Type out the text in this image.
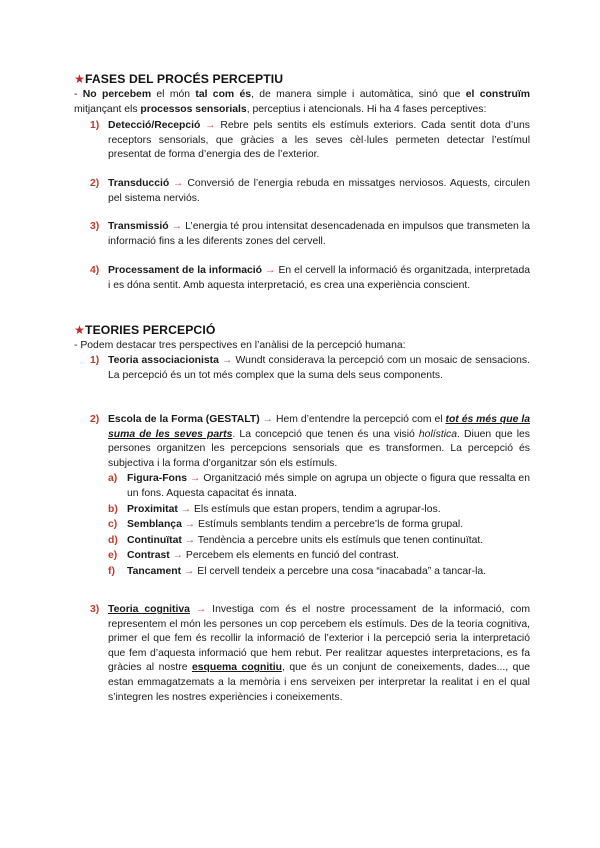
★FASES DEL PROCÉS PERCEPTIU
- No percebem el món tal com és, de manera simple i automàtica, sinó que el construïm mitjançant els processos sensorials, perceptius i atencionals. Hi ha 4 fases perceptives:
1) Detecció/Recepció → Rebre pels sentits els estímuls exteriors. Cada sentit dota d’uns receptors sensorials, que gràcies a les seves cèl·lules permeten detectar l’estímul presentat de forma d’energia des de l’exterior.
2) Transducció → Conversió de l’energia rebuda en missatges nerviosos. Aquests, circulen pel sistema nerviós.
3) Transmissió → L’energia té prou intensitat desencadenada en impulsos que transmeten la informació fins a les diferents zones del cervell.
4) Processament de la informació → En el cervell la informació és organitzada, interpretada i es dóna sentit. Amb aquesta interpretació, es crea una experiència conscient.
★TEORIES PERCEPCIÓ
- Podem destacar tres perspectives en l’anàlisi de la percepció humana:
1) Teoria associacionista → Wundt considerava la percepció com un mosaic de sensacions. La percepció és un tot més complex que la suma dels seus components.
2) Escola de la Forma (GESTALT) → Hem d’entendre la percepció com el tot és més que la suma de les seves parts. La concepció que tenen és una visió holística. Diuen que les persones organitzen les percepcions sensorials que es transformen. La percepció és subjectiva i la forma d’organitzar són els estímuls.
a) Figura-Fons → Organització més simple on agrupa un objecte o figura que ressalta en un fons. Aquesta capacitat és innata.
b) Proximitat → Els estímuls que estan propers, tendim a agrupar-los.
c) Semblança → Estímuls semblants tendim a percebre’ls de forma grupal.
d) Continuïtat → Tendència a percebre units els estímuls que tenen continuïtat.
e) Contrast → Percebem els elements en funció del contrast.
f) Tancament → El cervell tendeix a percebre una cosa “inacabada” a tancar-la.
3) Teoria cognitiva → Investiga com és el nostre processament de la informació, com representem el món les persones un cop percebem els estímuls. Des de la teoria cognitiva, primer el que fem és recollir la informació de l’exterior i la percepció seria la interpretació que fem d’aquesta informació que hem rebut. Per realitzar aquestes interpretacions, es fa gràcies al nostre esquema cognitiu, que és un conjunt de coneixements, dades..., que estan emmagatzemats a la memòria i ens serveixen per interpretar la realitat i en el qual s’integren les nostres experiències i coneixements.
